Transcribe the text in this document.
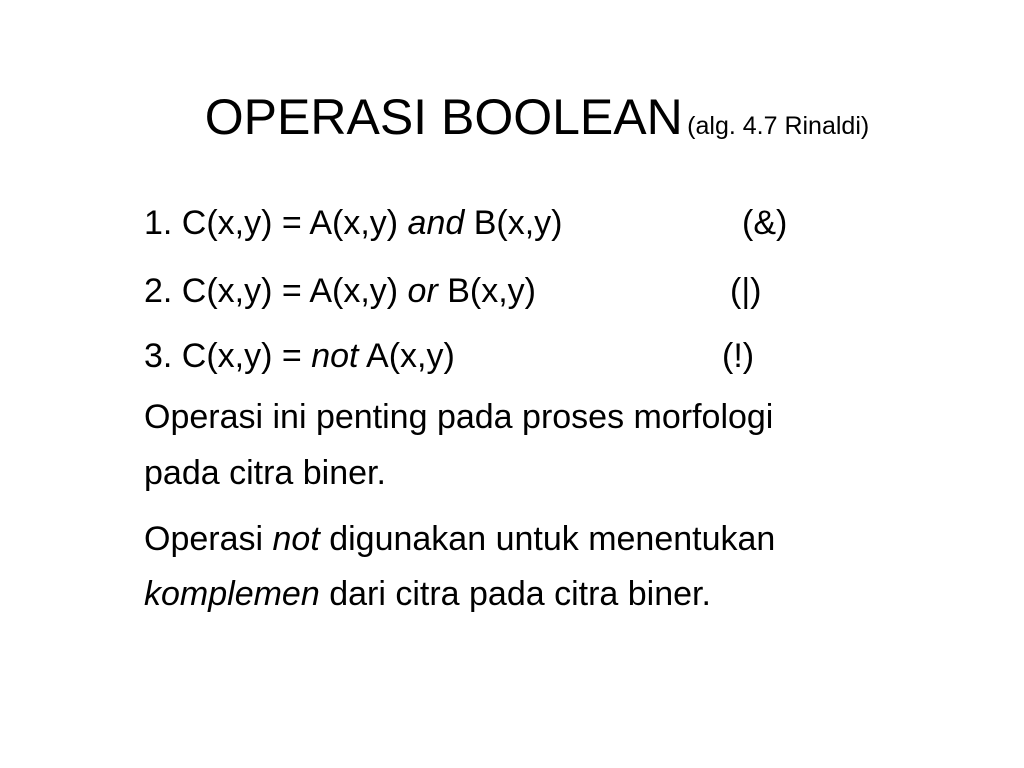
OPERASI BOOLEAN (alg. 4.7 Rinaldi)
1. C(x,y) = A(x,y) and B(x,y)	(&)
2. C(x,y) = A(x,y) or B(x,y)	(|)
3. C(x,y) = not A(x,y)	(!)
Operasi ini penting pada proses morfologi
pada citra biner.
Operasi not digunakan untuk menentukan
komplemen dari citra pada citra biner.
